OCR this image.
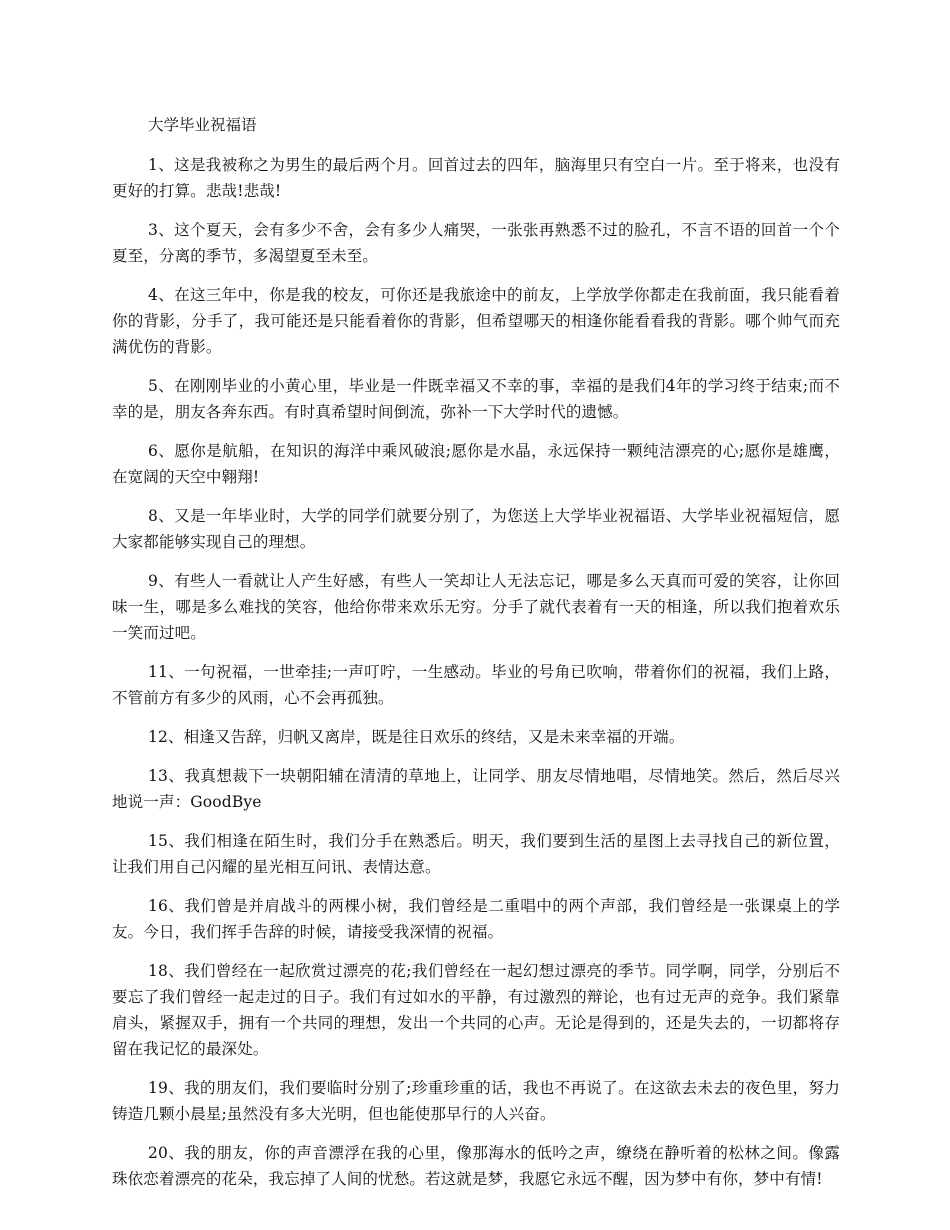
大学毕业祝福语

1、这是我被称之为男生的最后两个月。回首过去的四年，脑海里只有空白一片。至于将来，也没有更好的打算。悲哉!悲哉!

3、这个夏天，会有多少不舍，会有多少人痛哭，一张张再熟悉不过的脸孔，不言不语的回首一个个夏至，分离的季节，多渴望夏至未至。

4、在这三年中，你是我的校友，可你还是我旅途中的前友，上学放学你都走在我前面，我只能看着你的背影，分手了，我可能还是只能看着你的背影，但希望哪天的相逢你能看看我的背影。哪个帅气而充满优伤的背影。

5、在刚刚毕业的小黄心里，毕业是一件既幸福又不幸的事，幸福的是我们4年的学习终于结束;而不幸的是，朋友各奔东西。有时真希望时间倒流，弥补一下大学时代的遗憾。

6、愿你是航船，在知识的海洋中乘风破浪;愿你是水晶，永远保持一颗纯洁漂亮的心;愿你是雄鹰，在宽阔的天空中翱翔!

8、又是一年毕业时，大学的同学们就要分别了，为您送上大学毕业祝福语、大学毕业祝福短信，愿大家都能够实现自己的理想。

9、有些人一看就让人产生好感，有些人一笑却让人无法忘记，哪是多么天真而可爱的笑容，让你回味一生，哪是多么难找的笑容，他给你带来欢乐无穷。分手了就代表着有一天的相逢，所以我们抱着欢乐一笑而过吧。

11、一句祝福，一世牵挂;一声叮咛，一生感动。毕业的号角已吹响，带着你们的祝福，我们上路，不管前方有多少的风雨，心不会再孤独。

12、相逢又告辞，归帆又离岸，既是往日欢乐的终结，又是未来幸福的开端。

13、我真想裁下一块朝阳辅在清清的草地上，让同学、朋友尽情地唱，尽情地笑。然后，然后尽兴地说一声：GoodBye

15、我们相逢在陌生时，我们分手在熟悉后。明天，我们要到生活的星图上去寻找自己的新位置，让我们用自己闪耀的星光相互问讯、表情达意。

16、我们曾是并肩战斗的两棵小树，我们曾经是二重唱中的两个声部，我们曾经是一张课桌上的学友。今日，我们挥手告辞的时候，请接受我深情的祝福。

18、我们曾经在一起欣赏过漂亮的花;我们曾经在一起幻想过漂亮的季节。同学啊，同学，分别后不要忘了我们曾经一起走过的日子。我们有过如水的平静，有过激烈的辩论，也有过无声的竞争。我们紧靠肩头，紧握双手，拥有一个共同的理想，发出一个共同的心声。无论是得到的，还是失去的，一切都将存留在我记忆的最深处。

19、我的朋友们，我们要临时分别了;珍重珍重的话，我也不再说了。在这欲去未去的夜色里，努力铸造几颗小晨星;虽然没有多大光明，但也能使那早行的人兴奋。

20、我的朋友，你的声音漂浮在我的心里，像那海水的低吟之声，缭绕在静听着的松林之间。像露珠依恋着漂亮的花朵，我忘掉了人间的忧愁。若这就是梦，我愿它永远不醒，因为梦中有你，梦中有情!
